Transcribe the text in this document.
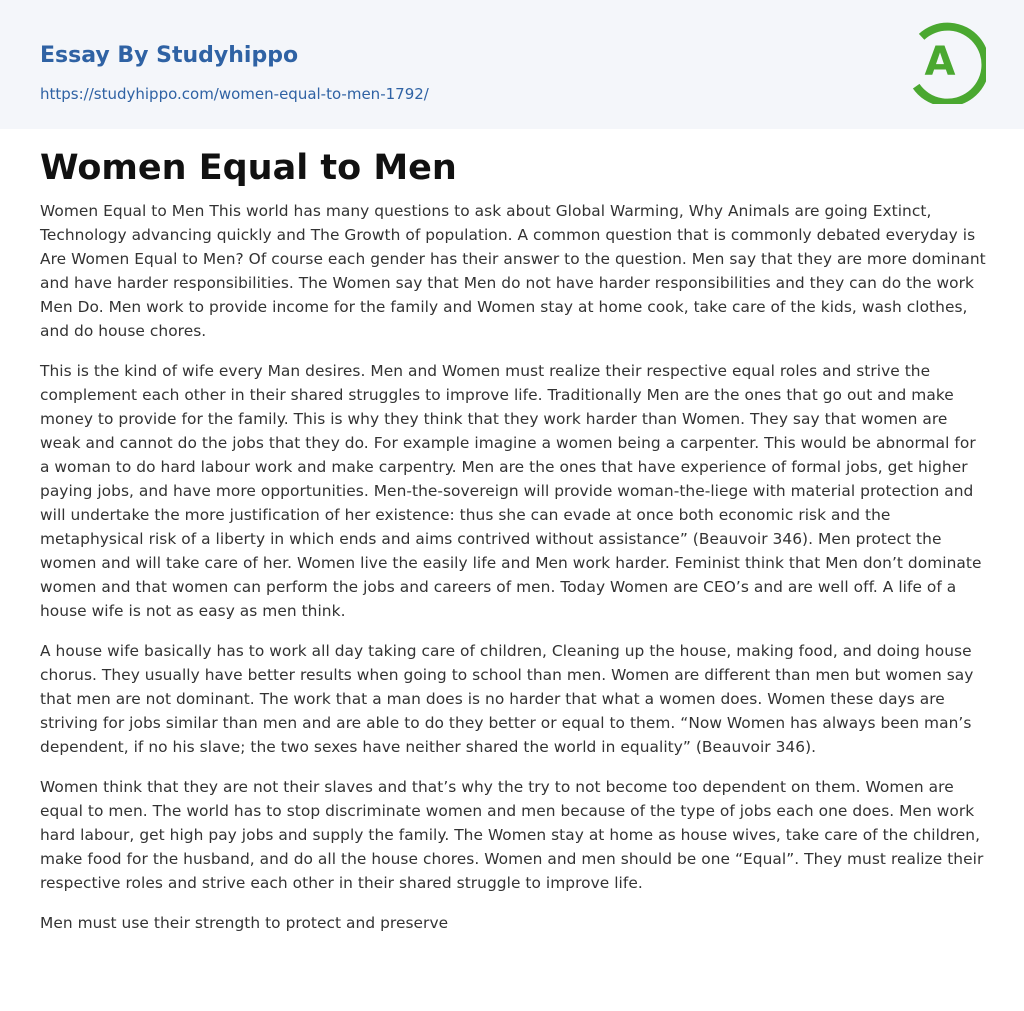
Essay By Studyhippo
https://studyhippo.com/women-equal-to-men-1792/
A
Women Equal to Men

Women Equal to Men This world has many questions to ask about Global Warming, Why Animals are going Extinct, Technology advancing quickly and The Growth of population. A common question that is commonly debated everyday is Are Women Equal to Men? Of course each gender has their answer to the question. Men say that they are more dominant and have harder responsibilities. The Women say that Men do not have harder responsibilities and they can do the work Men Do. Men work to provide income for the family and Women stay at home cook, take care of the kids, wash clothes, and do house chores.

This is the kind of wife every Man desires. Men and Women must realize their respective equal roles and strive the complement each other in their shared struggles to improve life. Traditionally Men are the ones that go out and make money to provide for the family. This is why they think that they work harder than Women. They say that women are weak and cannot do the jobs that they do. For example imagine a women being a carpenter. This would be abnormal for a woman to do hard labour work and make carpentry. Men are the ones that have experience of formal jobs, get higher paying jobs, and have more opportunities. Men-the-sovereign will provide woman-the-liege with material protection and will undertake the more justification of her existence: thus she can evade at once both economic risk and the metaphysical risk of a liberty in which ends and aims contrived without assistance” (Beauvoir 346). Men protect the women and will take care of her. Women live the easily life and Men work harder. Feminist think that Men don’t dominate women and that women can perform the jobs and careers of men. Today Women are CEO’s and are well off. A life of a house wife is not as easy as men think.

A house wife basically has to work all day taking care of children, Cleaning up the house, making food, and doing house chorus. They usually have better results when going to school than men. Women are different than men but women say that men are not dominant. The work that a man does is no harder that what a women does. Women these days are striving for jobs similar than men and are able to do they better or equal to them. “Now Women has always been man’s dependent, if no his slave; the two sexes have neither shared the world in equality” (Beauvoir 346).

Women think that they are not their slaves and that’s why the try to not become too dependent on them. Women are equal to men. The world has to stop discriminate women and men because of the type of jobs each one does. Men work hard labour, get high pay jobs and supply the family. The Women stay at home as house wives, take care of the children, make food for the husband, and do all the house chores. Women and men should be one “Equal”. They must realize their respective roles and strive each other in their shared struggle to improve life.

Men must use their strength to protect and preserve
